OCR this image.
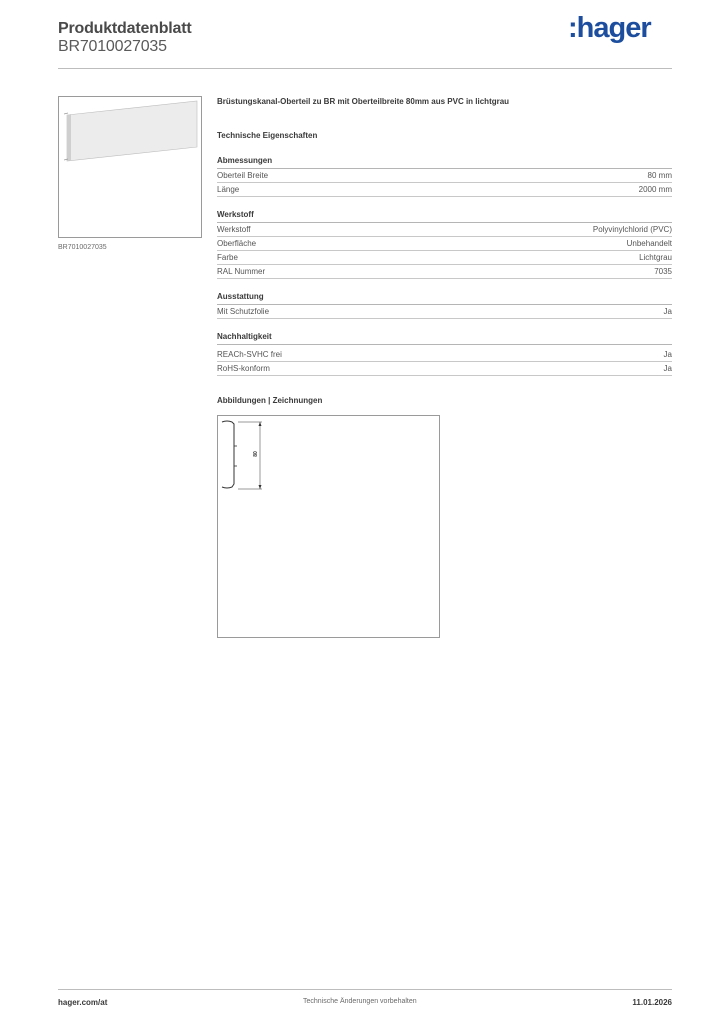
Produktdatenblatt
BR7010027035
:hager
BR7010027035
Brüstungskanal-Oberteil zu BR mit Oberteilbreite 80mm aus PVC in lichtgrau
Technische Eigenschaften
Abmessungen
Oberteil Breite	80 mm
Länge	2000 mm
Werkstoff
Werkstoff	Polyvinylchlorid (PVC)
Oberfläche	Unbehandelt
Farbe	Lichtgrau
RAL Nummer	7035
Ausstattung
Mit Schutzfolie	Ja
Nachhaltigkeit
REACh-SVHC frei	Ja
RoHS-konform	Ja
Abbildungen | Zeichnungen
80
hager.com/at	Technische Änderungen vorbehalten	11.01.2026
